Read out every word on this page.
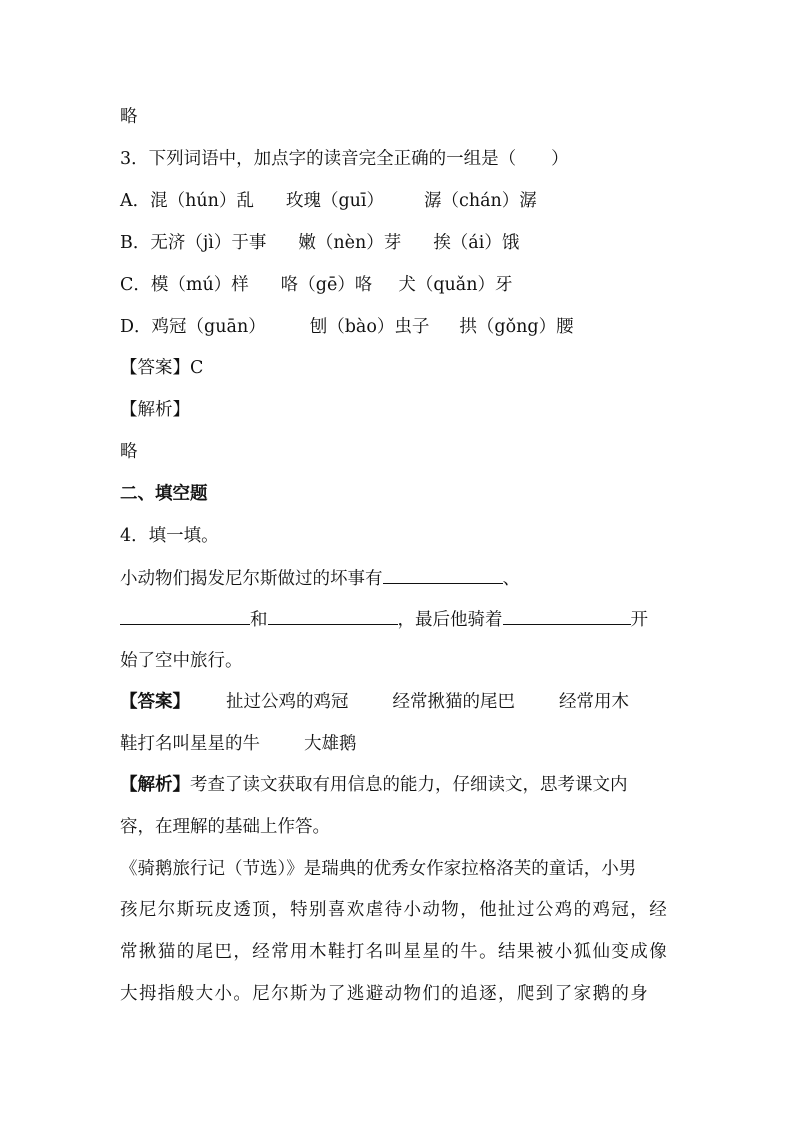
略
3．下列词语中，加点字的读音完全正确的一组是（　　）
A．混（hún）乱 玫瑰（guī） 潺（chán）潺
B．无济（jì）于事 嫩（nèn）芽 挨（ái）饿
C．模（mú）样 咯（gē）咯 犬（quǎn）牙
D．鸡冠（guān）	刨（bào）虫子 拱（gǒng）腰
【答案】C
【解析】
略
二、填空题
4．填一填。
小动物们揭发尼尔斯做过的坏事有	、
和	，最后他骑着	开
始了空中旅行。
【答案】 扯过公鸡的鸡冠	经常揪猫的尾巴	经常用木
鞋打名叫星星的牛	大雄鹅
【解析】考查了读文获取有用信息的能力，仔细读文，思考课文内
容，在理解的基础上作答。
《骑鹅旅行记（节选）》是瑞典的优秀女作家拉格洛芙的童话，小男
孩尼尔斯玩皮透顶，特别喜欢虐待小动物，他扯过公鸡的鸡冠，经
常揪猫的尾巴，经常用木鞋打名叫星星的牛。结果被小狐仙变成像
大拇指般大小。尼尔斯为了逃避动物们的追逐，爬到了家鹅的身
